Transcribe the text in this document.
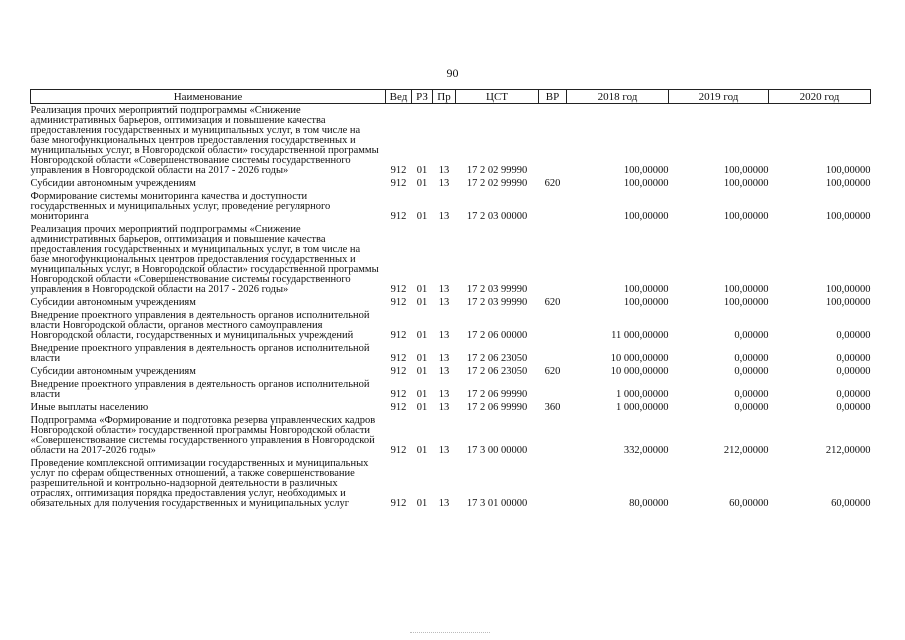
90
Наименование	Вед	РЗ	Пр	ЦСТ	ВР	2018 год	2019 год	2020 год
Реализация прочих мероприятий подпрограммы «Снижение административных барьеров, оптимизация и повышение качества предоставления государственных и муниципальных услуг, в том числе на базе многофункциональных центров предоставления государственных и муниципальных услуг, в Новгородской области» государственной программы Новгородской области «Совершенствование системы государственного управления в Новгородской области на 2017 - 2026 годы»	912	01	13	17 2 02 99990		100,00000	100,00000	100,00000
Субсидии автономным учреждениям	912	01	13	17 2 02 99990	620	100,00000	100,00000	100,00000
Формирование системы мониторинга качества и доступности государственных и муниципальных услуг, проведение регулярного мониторинга	912	01	13	17 2 03 00000		100,00000	100,00000	100,00000
Реализация прочих мероприятий подпрограммы «Снижение административных барьеров, оптимизация и повышение качества предоставления государственных и муниципальных услуг, в том числе на базе многофункциональных центров предоставления государственных и муниципальных услуг, в Новгородской области» государственной программы Новгородской области «Совершенствование системы государственного управления в Новгородской области на 2017 - 2026 годы»	912	01	13	17 2 03 99990		100,00000	100,00000	100,00000
Субсидии автономным учреждениям	912	01	13	17 2 03 99990	620	100,00000	100,00000	100,00000
Внедрение проектного управления в деятельность органов исполнительной власти Новгородской области, органов местного самоуправления Новгородской области, государственных и муниципальных учреждений	912	01	13	17 2 06 00000		11 000,00000	0,00000	0,00000
Внедрение проектного управления в деятельность органов исполнительной власти	912	01	13	17 2 06 23050		10 000,00000	0,00000	0,00000
Субсидии автономным учреждениям	912	01	13	17 2 06 23050	620	10 000,00000	0,00000	0,00000
Внедрение проектного управления в деятельность органов исполнительной власти	912	01	13	17 2 06 99990		1 000,00000	0,00000	0,00000
Иные выплаты населению	912	01	13	17 2 06 99990	360	1 000,00000	0,00000	0,00000
Подпрограмма «Формирование и подготовка резерва управленческих кадров Новгородской области» государственной программы Новгородской области «Совершенствование системы государственного управления в Новгородской области на 2017-2026 годы»	912	01	13	17 3 00 00000		332,00000	212,00000	212,00000
Проведение комплексной оптимизации государственных и муниципальных услуг по сферам общественных отношений, а также совершенствование разрешительной и контрольно-надзорной деятельности в различных отраслях, оптимизация порядка предоставления услуг, необходимых и обязательных для получения государственных и муниципальных услуг	912	01	13	17 3 01 00000		80,00000	60,00000	60,00000
